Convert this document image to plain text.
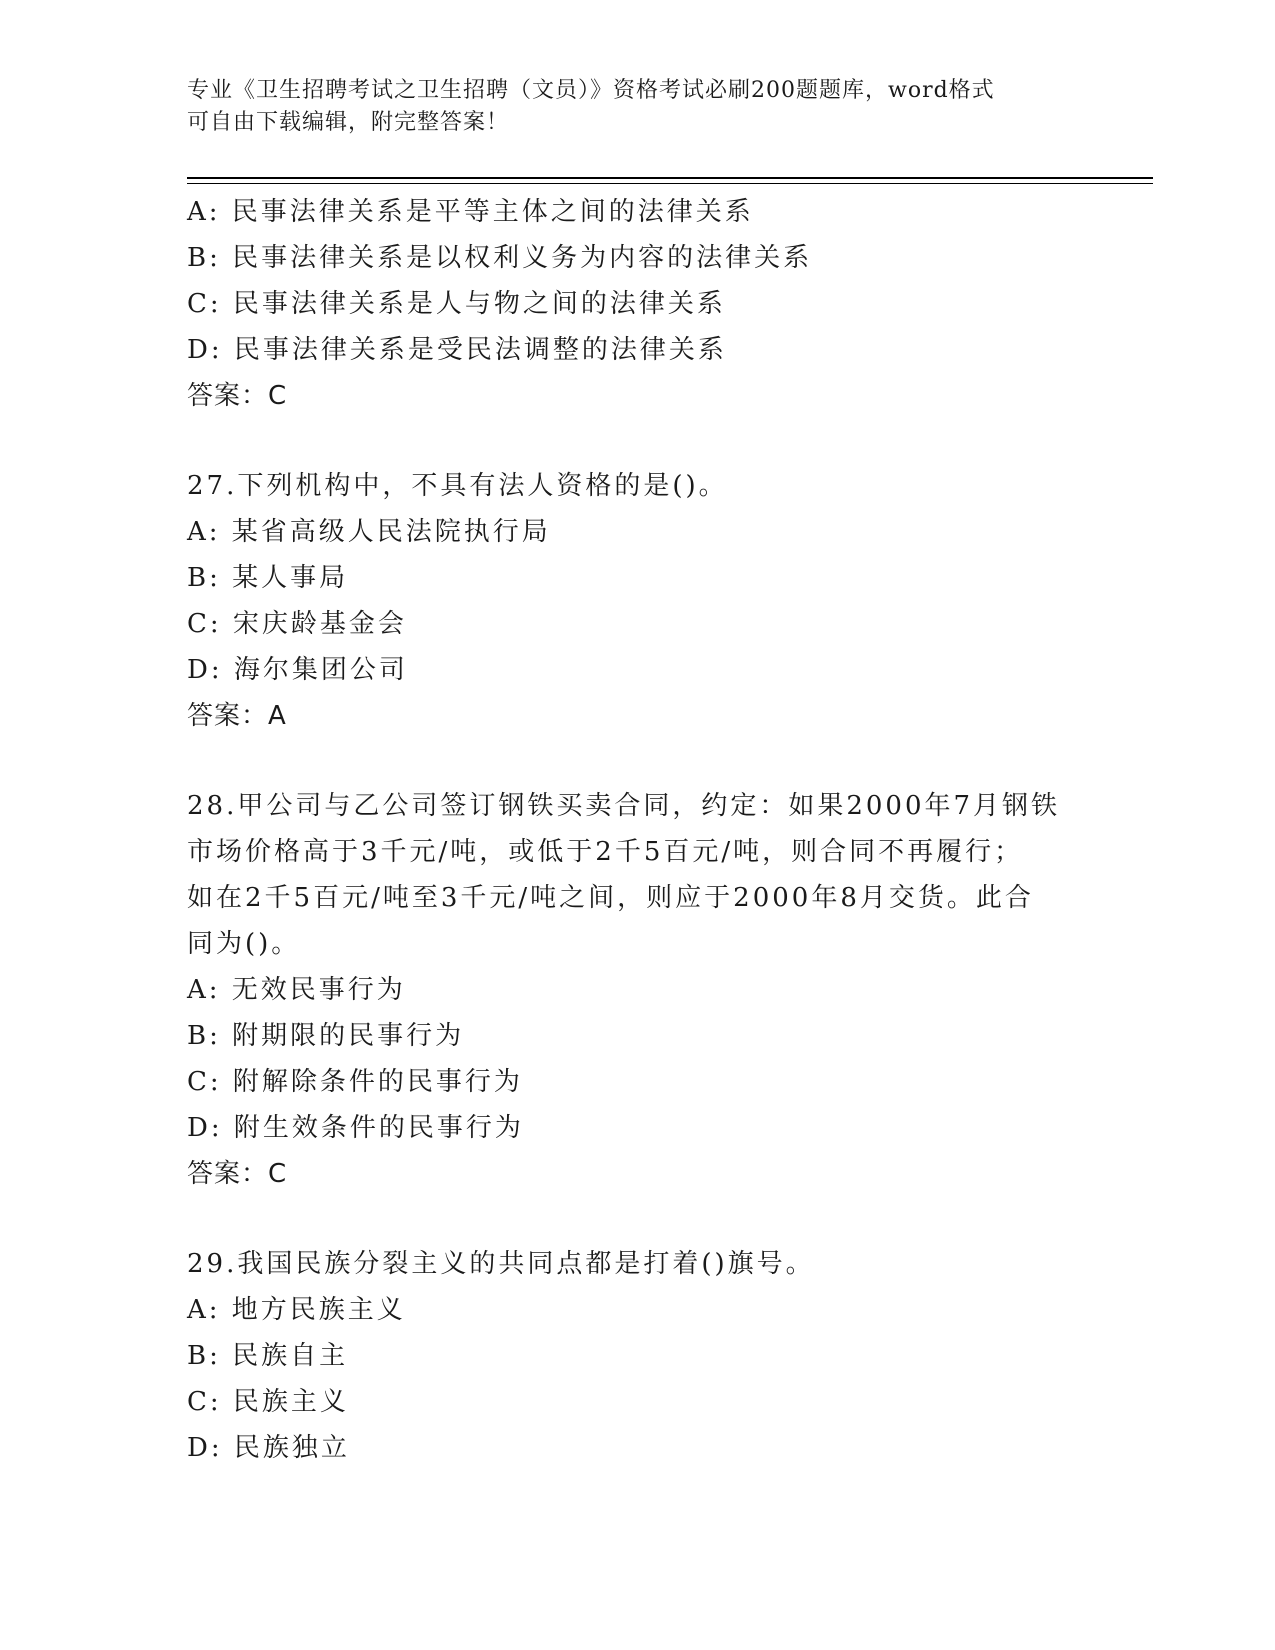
专业《卫生招聘考试之卫生招聘（文员）》资格考试必刷200题题库，word格式
可自由下载编辑，附完整答案！
A: 民事法律关系是平等主体之间的法律关系
B: 民事法律关系是以权利义务为内容的法律关系
C: 民事法律关系是人与物之间的法律关系
D: 民事法律关系是受民法调整的法律关系
答案：C
27.下列机构中，不具有法人资格的是()。
A: 某省高级人民法院执行局
B: 某人事局
C: 宋庆龄基金会
D: 海尔集团公司
答案：A
28.甲公司与乙公司签订钢铁买卖合同，约定：如果2000年7月钢铁
市场价格高于3千元/吨，或低于2千5百元/吨，则合同不再履行；
如在2千5百元/吨至3千元/吨之间，则应于2000年8月交货。此合
同为()。
A: 无效民事行为
B: 附期限的民事行为
C: 附解除条件的民事行为
D: 附生效条件的民事行为
答案：C
29.我国民族分裂主义的共同点都是打着()旗号。
A: 地方民族主义
B: 民族自主
C: 民族主义
D: 民族独立
